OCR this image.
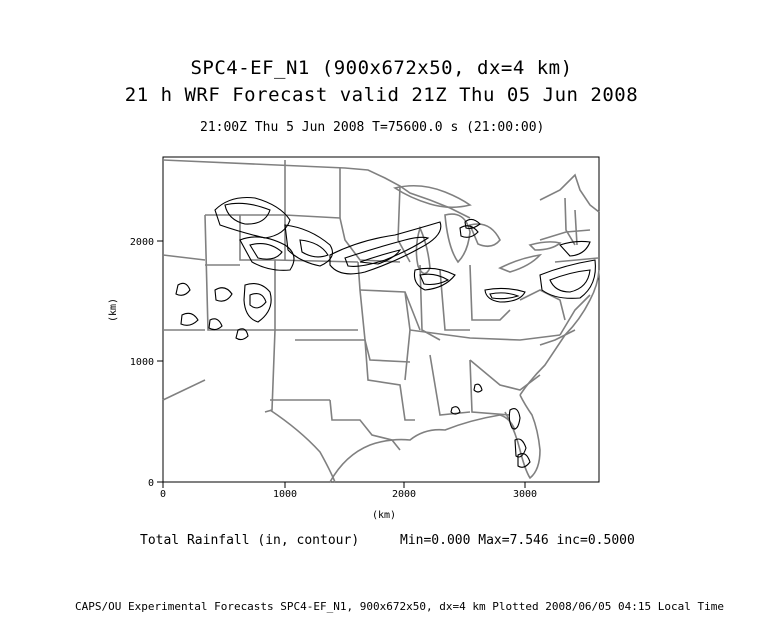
SPC4-EF_N1 (900x672x50, dx=4 km)
21 h WRF Forecast valid 21Z Thu 05 Jun 2008
21:00Z Thu 5 Jun 2008 T=75600.0 s (21:00:00)
0	1000	2000	3000
0
1000
2000
(km)
(km)
Total Rainfall (in, contour)	Min=0.000 Max=7.546 inc=0.5000
CAPS/OU Experimental Forecasts SPC4-EF_N1, 900x672x50, dx=4 km Plotted 2008/06/05 04:15 Local Time
